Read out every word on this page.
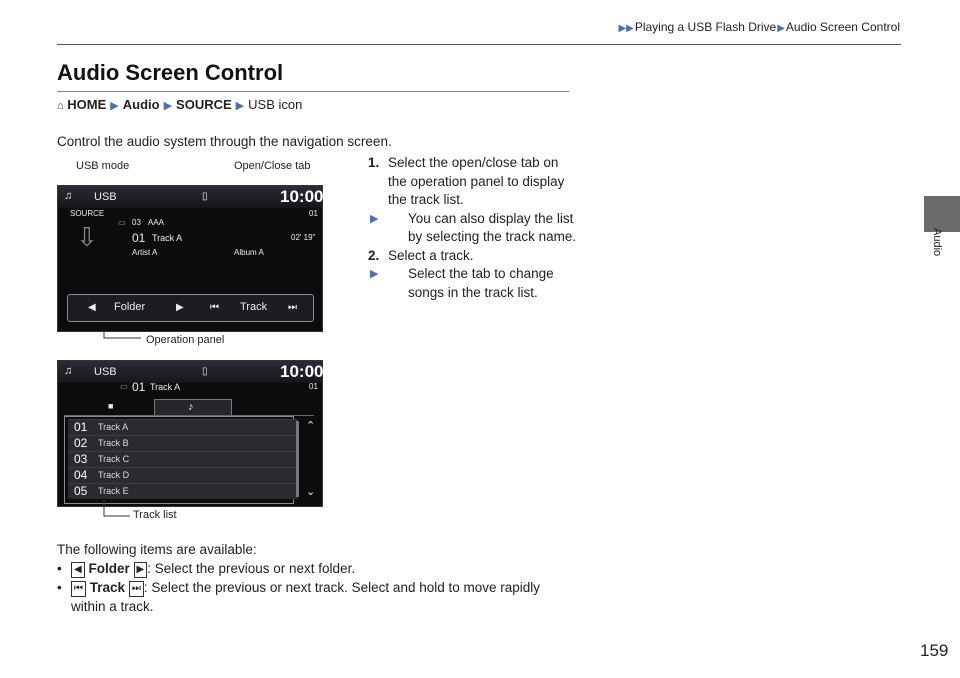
▶▶Playing a USB Flash Drive▶Audio Screen Control
Audio
Audio Screen Control
⌂ HOME ▶ Audio ▶ SOURCE ▶ USB icon
Control the audio system through the navigation screen.
1. Select the open/close tab on the operation panel to display the track list.
▶	You can also display the list by selecting the track name.
2. Select a track.
▶	Select the tab to change songs in the track list.
USB mode	Open/Close tab
Operation panel
♫ USB	▯	10:00
SOURCE
⇩	▭ 03 AAA
01 Track A
Artist A	Album A
01
02' 19"
◀ Folder	▶	⏮ Track ⏭
♫ USB	▯	10:00
▭ 01 Track A	01
■	♪
01 Track A
02 Track B
03 Track C
04 Track D
05 Track E
⌃
⌄
Track list
The following items are available:
• ◀ Folder ▶ : Select the previous or next folder.
• ⏮ Track ⏭ : Select the previous or next track. Select and hold to move rapidly within a track.
159
